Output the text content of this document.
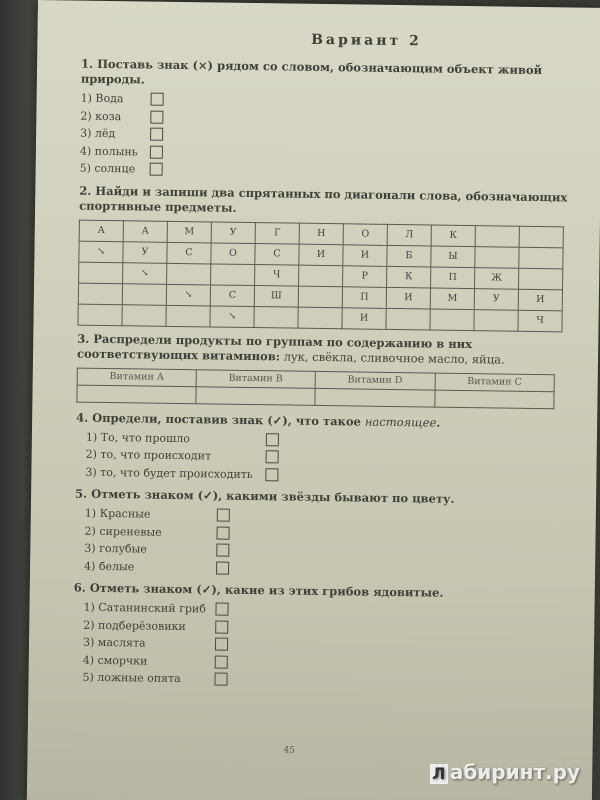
Вариант 2
1. Поставь знак (×) рядом со словом, обозначающим объект живой природы.
1) Вода
2) коза
3) лёд
4) полынь
5) солнце
2. Найди и запиши два спрятанных по диагонали слова, обозначающих спортивные предметы.
А	А	М	У	Г	Н	О	Л	К		
↘	У	С	О	С	И	И	Б	Ы		
	↘			Ч		Р	К	П	Ж	
		↘	С	Ш		П	И	М	У	И
			↘			И				Ч
3. Распредели продукты по группам по содержанию в них соответствующих витаминов: лук, свёкла, сливочное масло, яйца.
Витамин А	Витамин В	Витамин D	Витамин С

4. Определи, поставив знак (✓), что такое настоящее.
1) То, что прошло
2) то, что происходит
3) то, что будет происходить
5. Отметь знаком (✓), какими звёзды бывают по цвету.
1) Красные
2) сиреневые
3) голубые
4) белые
6. Отметь знаком (✓), какие из этих грибов ядовитые.
1) Сатанинский гриб
2) подберёзовики
3) маслята
4) сморчки
5) ложные опята
45
Л абиринт.ру
